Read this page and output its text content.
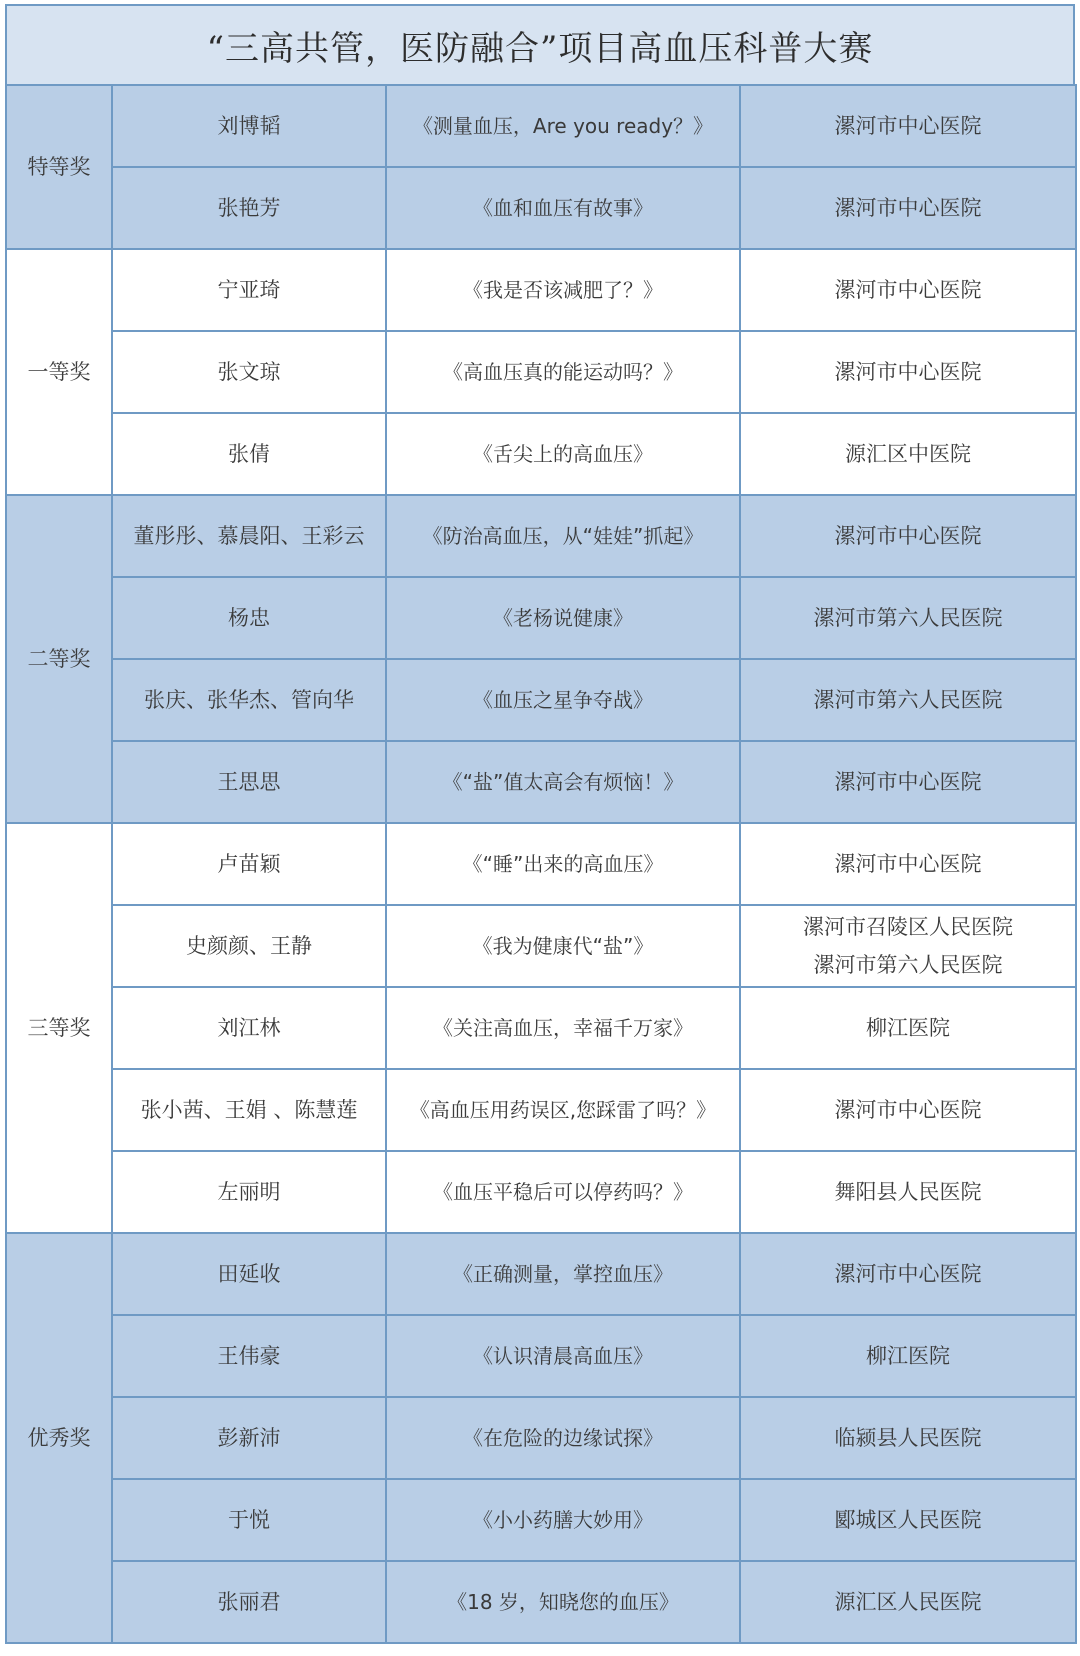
“三高共管，医防融合”项目高血压科普大赛
特等奖	刘博韬	《测量血压，Are you ready？》	漯河市中心医院

	张艳芳	《血和血压有故事》	漯河市中心医院

一等奖	宁亚琦	《我是否该减肥了？》	漯河市中心医院

	张文琼	《高血压真的能运动吗？》	漯河市中心医院

	张倩	《舌尖上的高血压》	源汇区中医院

二等奖	董彤彤、慕晨阳、王彩云	《防治高血压，从“娃娃”抓起》	漯河市中心医院

	杨忠	《老杨说健康》	漯河市第六人民医院

	张庆、张华杰、管向华	《血压之星争夺战》	漯河市第六人民医院

	王思思	《“盐”值太高会有烦恼！》	漯河市中心医院

三等奖	卢苗颖	《“睡”出来的高血压》	漯河市中心医院

	史颜颜、王静	《我为健康代“盐”》	漯河市召陵区人民医院
漯河市第六人民医院

	刘江林	《关注高血压，幸福千万家》	柳江医院

	张小茜、王娟 、陈慧莲	《高血压用药误区,您踩雷了吗？》	漯河市中心医院

	左丽明	《血压平稳后可以停药吗？》	舞阳县人民医院

优秀奖	田延收	《正确测量，掌控血压》	漯河市中心医院

	王伟豪	《认识清晨高血压》	柳江医院

	彭新沛	《在危险的边缘试探》	临颍县人民医院

	于悦	《小小药膳大妙用》	郾城区人民医院

	张丽君	《18 岁，知晓您的血压》	源汇区人民医院
